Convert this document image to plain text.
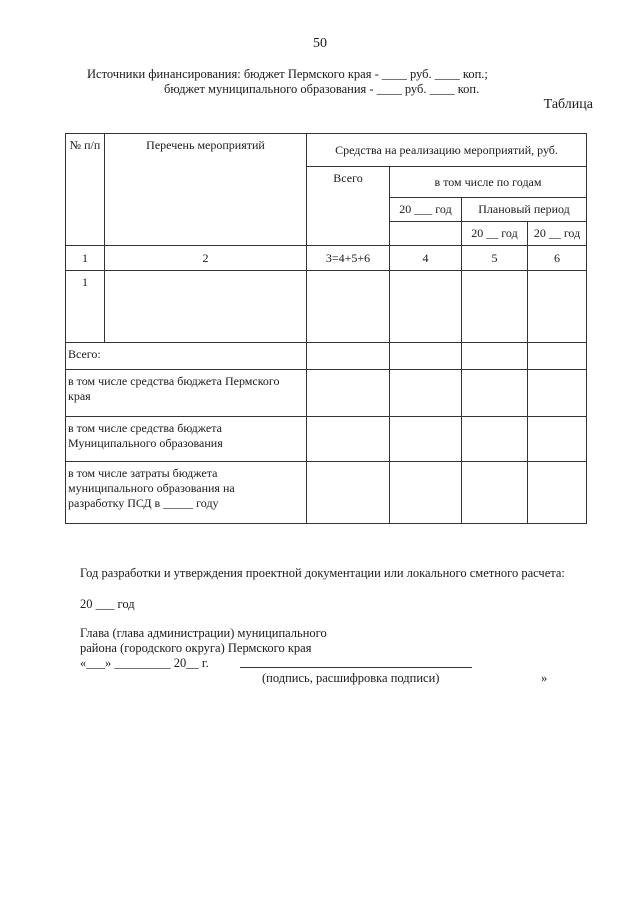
50
Источники финансирования: бюджет Пермского края - ____ руб. ____ коп.;
бюджет муниципального образования - ____ руб. ____ коп.
Таблица
№ п/п	Перечень мероприятий	Средства на реализацию мероприятий, руб.			
		Всего	в том числе по годам		
			20 ___ год	Плановый период	
				20 __ год	20 __ год
1	2	3=4+5+6	4	5	6
1					
Всего:					

в том числе средства бюджета Пермского края					

в том числе средства бюджета Муниципального образования					

в том числе затраты бюджета муниципального образования на разработку ПСД в _____ году					

Год разработки и утверждения проектной документации или локального сметного расчета:
20 ___ год
Глава (глава администрации) муниципального
района (городского округа) Пермского края
«___» _________ 20__ г.
(подпись, расшифровка подписи)	»
